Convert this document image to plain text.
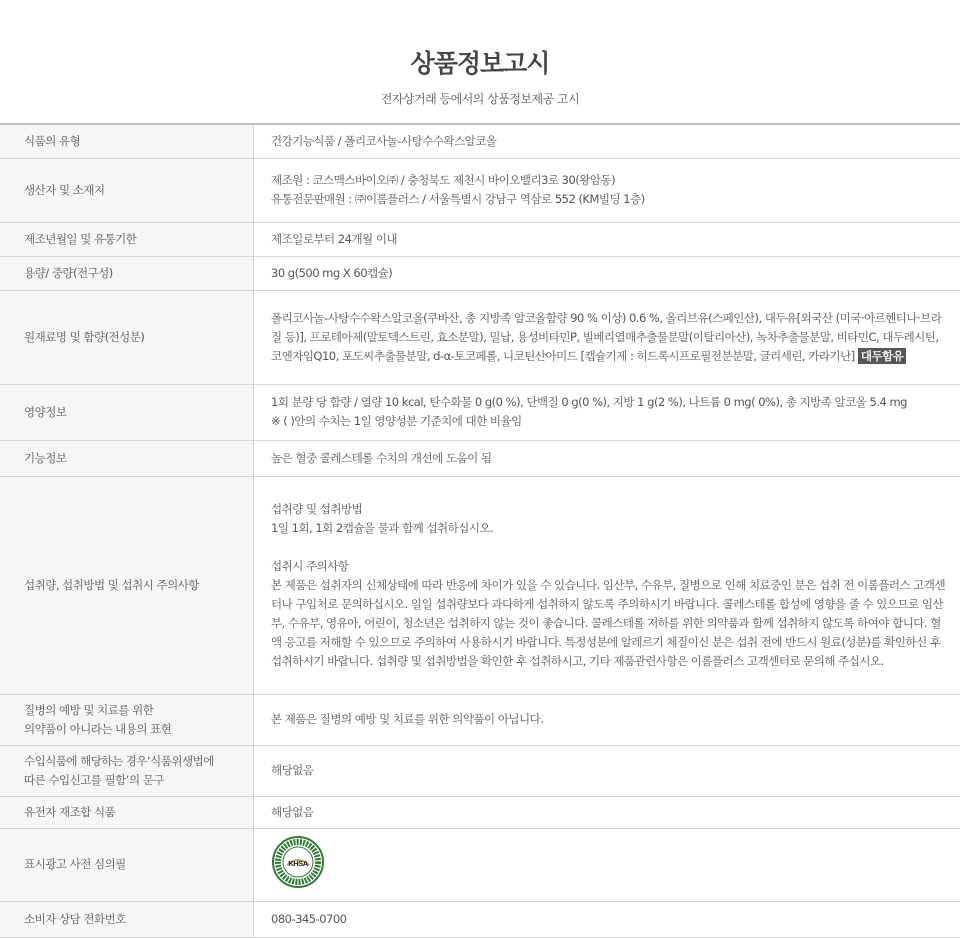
상품정보고시
전자상거래 등에서의 상품정보제공 고시
식품의 유형	건강기능식품 / 폴리코사놀-사탕수수왁스알코올
생산자 및 소재지	제조원 : 코스맥스바이오㈜ / 충청북도 제천시 바이오밸리3로 30(왕암동)
유통전문판매원 : ㈜이롬플러스 / 서울특별시 강남구 역삼로 552 (KM빌딩 1층)

제조년월일 및 유통기한	제조일로부터 24개월 이내
용량/ 중량(전구성)	30 g(500 mg X 60캡슐)
원재료명 및 함량(전성분)	폴리코사놀-사탕수수왁스알코올(쿠바산, 총 지방족 알코올함량 90 % 이상) 0.6 %, 올리브유(스페인산), 대두유[외국산 (미국·아르헨티나·브라질 등)], 프로테아제(말토덱스트린, 효소분말), 밀납, 용성비타민P, 빌베리열매추출물분말(이탈리아산), 녹차추출물분말, 비타민C, 대두레시틴, 코엔자임Q10, 포도씨추출물분말, d-α-토코페롤, 니코틴산아미드 [캡슐기제 : 히드록시프로필전분분말, 글리세린, 카라기난] 대두함유
영양정보	1회 분량 당 함량 / 열량 10 kcal, 탄수화물 0 g(0 %), 단백질 0 g(0 %), 지방 1 g(2 %), 나트륨 0 mg( 0%), 총 지방족 알코올 5.4 mg
※ ( )안의 수치는 1일 영양성분 기준치에 대한 비율임

기능정보	높은 혈중 콜레스테롤 수치의 개선에 도움이 됨
섭취량, 섭취방법 및 섭취시 주의사항	섭취량 및 섭취방법
1일 1회, 1회 2캡슐을 물과 함께 섭취하십시오.
섭취시 주의사항
본 제품은 섭취자의 신체상태에 따라 반응에 차이가 있을 수 있습니다. 임산부, 수유부, 질병으로 인해 치료중인 분은 섭취 전 이롬플러스 고객센터나 구입처로 문의하십시오. 일일 섭취량보다 과다하게 섭취하지 않도록 주의하시기 바랍니다. 콜레스테롤 합성에 영향을 줄 수 있으므로 임산부, 수유부, 영유아, 어린이, 청소년은 섭취하지 않는 것이 좋습니다. 콜레스테롤 저하를 위한 의약품과 함께 섭취하지 않도록 하여야 합니다. 혈액 응고를 저해할 수 있으므로 주의하여 사용하시기 바랍니다. 특정성분에 알레르기 체질이신 분은 섭취 전에 반드시 원료(성분)를 확인하신 후 섭취하시기 바랍니다. 섭취량 및 섭취방법을 확인한 후 섭취하시고, 기타 제품관련사항은 이롬플러스 고객센터로 문의해 주십시오.

질병의 예방 및 치료를 위한
의약품이 아니라는 내용의 표현	본 제품은 질병의 예방 및 치료를 위한 의약품이 아닙니다.

수입식품에 해당하는 경우‘식품위생법에
따른 수입신고를 필함’의 문구	해당없음
유전자 재조합 식품	해당없음
표시광고 사전 심의필	KHSA

소비자 상담 전화번호	080-345-0700
